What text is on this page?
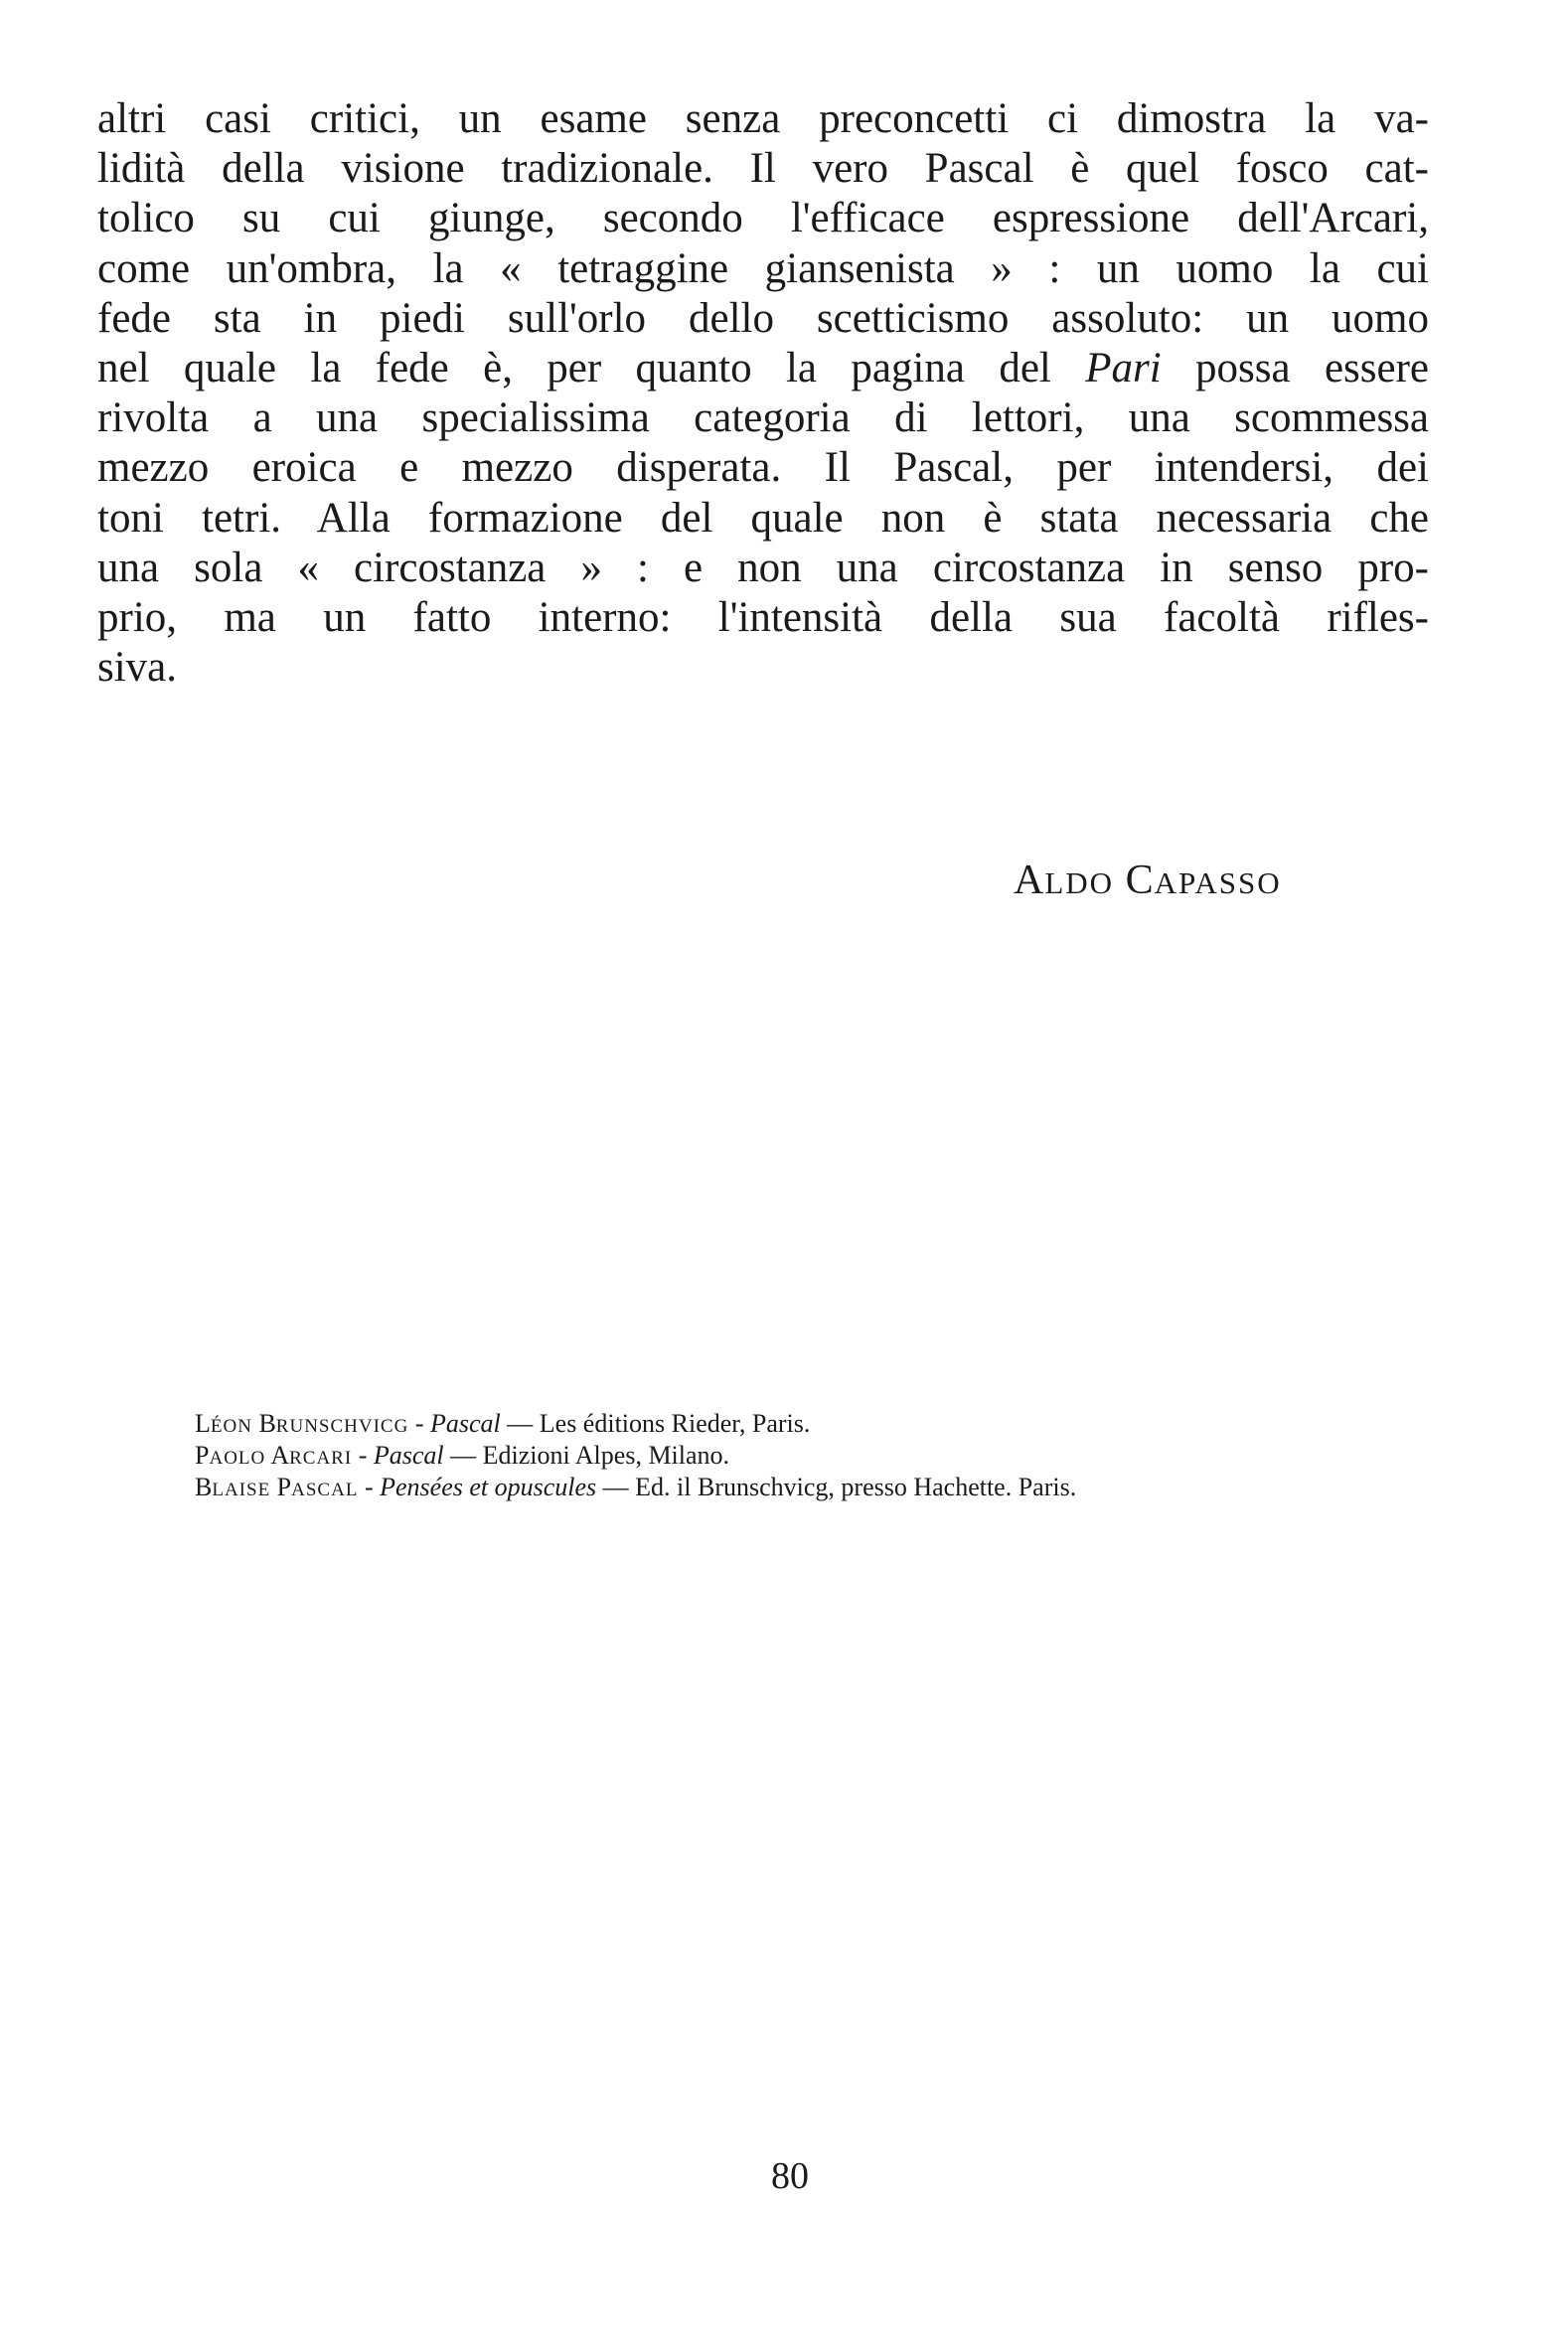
altri casi critici, un esame senza preconcetti ci dimostra la va-
lidità della visione tradizionale. Il vero Pascal è quel fosco cat-
tolico su cui giunge, secondo l'efficace espressione dell'Arcari,
come un'ombra, la « tetraggine giansenista » : un uomo la cui
fede sta in piedi sull'orlo dello scetticismo assoluto: un uomo
nel quale la fede è, per quanto la pagina del Pari possa essere
rivolta a una specialissima categoria di lettori, una scommessa
mezzo eroica e mezzo disperata. Il Pascal, per intendersi, dei
toni tetri. Alla formazione del quale non è stata necessaria che
una sola « circostanza » : e non una circostanza in senso pro-
prio, ma un fatto interno: l'intensità della sua facoltà rifles-
siva.
ALDO CAPASSO
LÉON BRUNSCHVICG - Pascal — Les éditions Rieder, Paris.
PAOLO ARCARI - Pascal — Edizioni Alpes, Milano.
BLAISE PASCAL - Pensées et opuscules — Ed. il Brunschvicg, presso Hachette. Paris.
80
